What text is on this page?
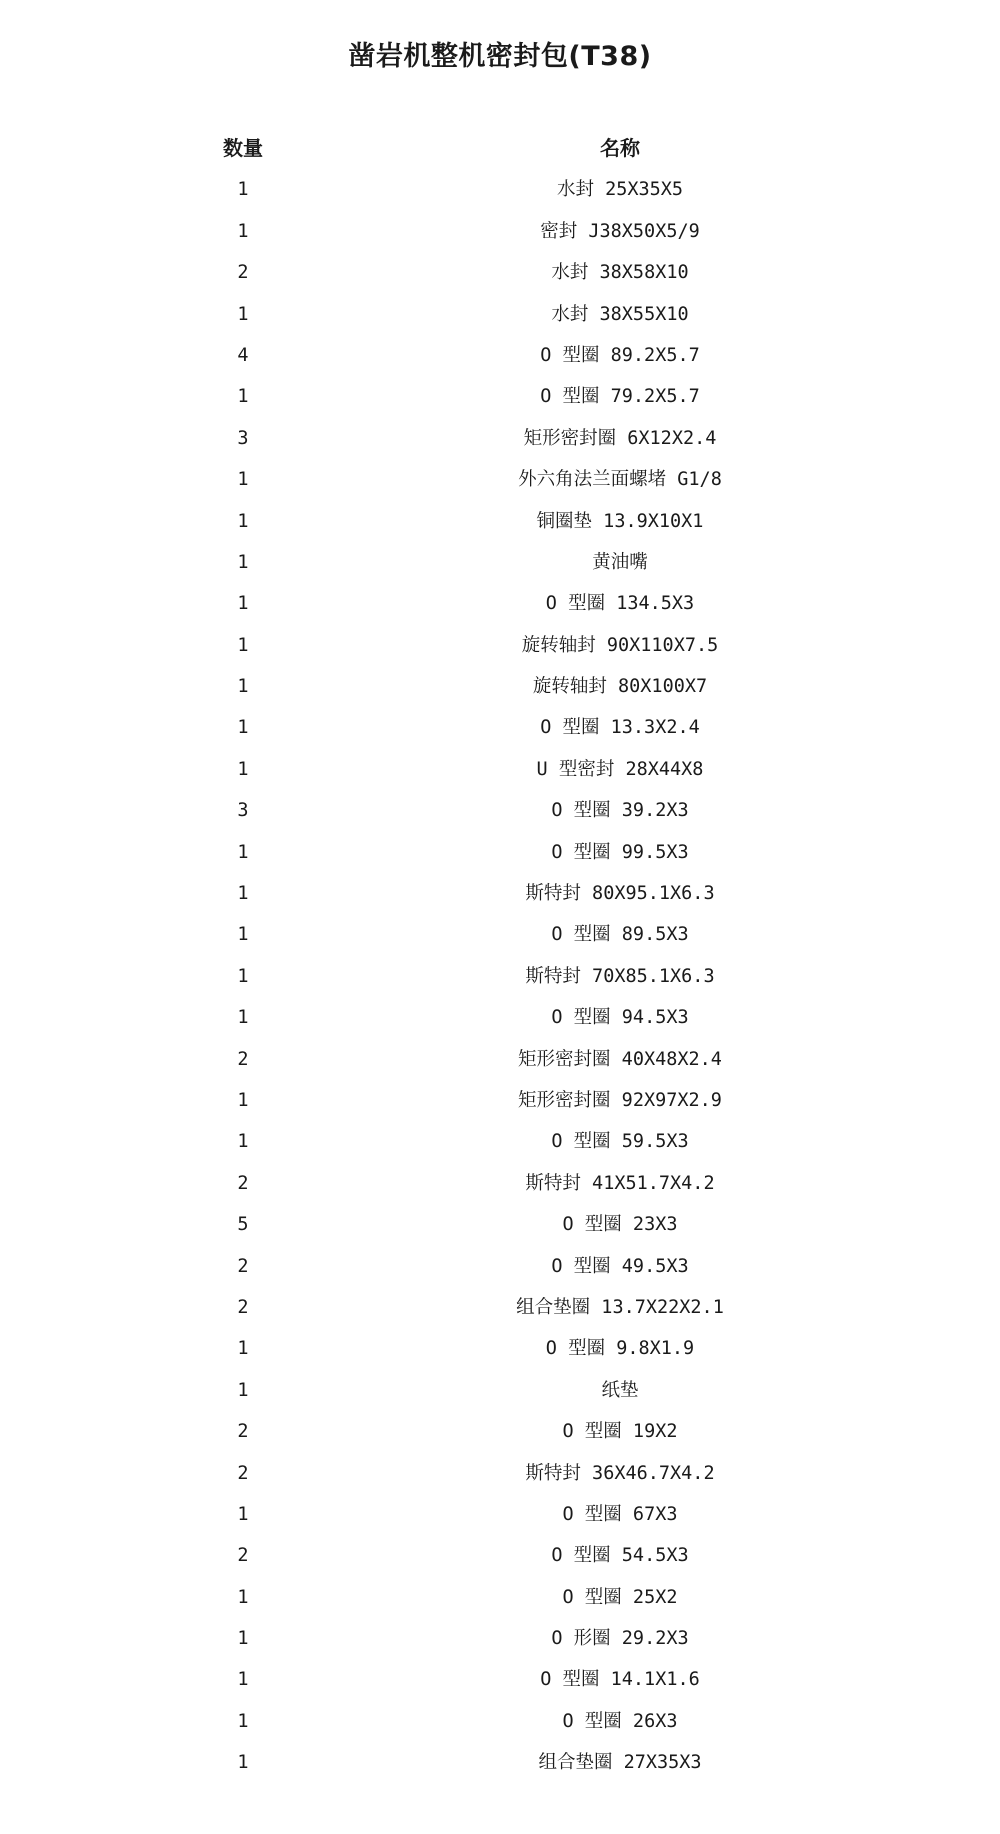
凿岩机整机密封包(T38)
数量	名称
1	水封 25X35X5
1	密封 J38X50X5/9
2	水封 38X58X10
1	水封 38X55X10
4	O 型圈 89.2X5.7
1	O 型圈 79.2X5.7
3	矩形密封圈 6X12X2.4
1	外六角法兰面螺堵 G1/8
1	铜圈垫 13.9X10X1
1	黄油嘴
1	O 型圈 134.5X3
1	旋转轴封 90X110X7.5
1	旋转轴封 80X100X7
1	O 型圈 13.3X2.4
1	U 型密封 28X44X8
3	O 型圈 39.2X3
1	O 型圈 99.5X3
1	斯特封 80X95.1X6.3
1	O 型圈 89.5X3
1	斯特封 70X85.1X6.3
1	O 型圈 94.5X3
2	矩形密封圈 40X48X2.4
1	矩形密封圈 92X97X2.9
1	O 型圈 59.5X3
2	斯特封 41X51.7X4.2
5	O 型圈 23X3
2	O 型圈 49.5X3
2	组合垫圈 13.7X22X2.1
1	O 型圈 9.8X1.9
1	纸垫
2	O 型圈 19X2
2	斯特封 36X46.7X4.2
1	O 型圈 67X3
2	O 型圈 54.5X3
1	O 型圈 25X2
1	O 形圈 29.2X3
1	O 型圈 14.1X1.6
1	O 型圈 26X3
1	组合垫圈 27X35X3
